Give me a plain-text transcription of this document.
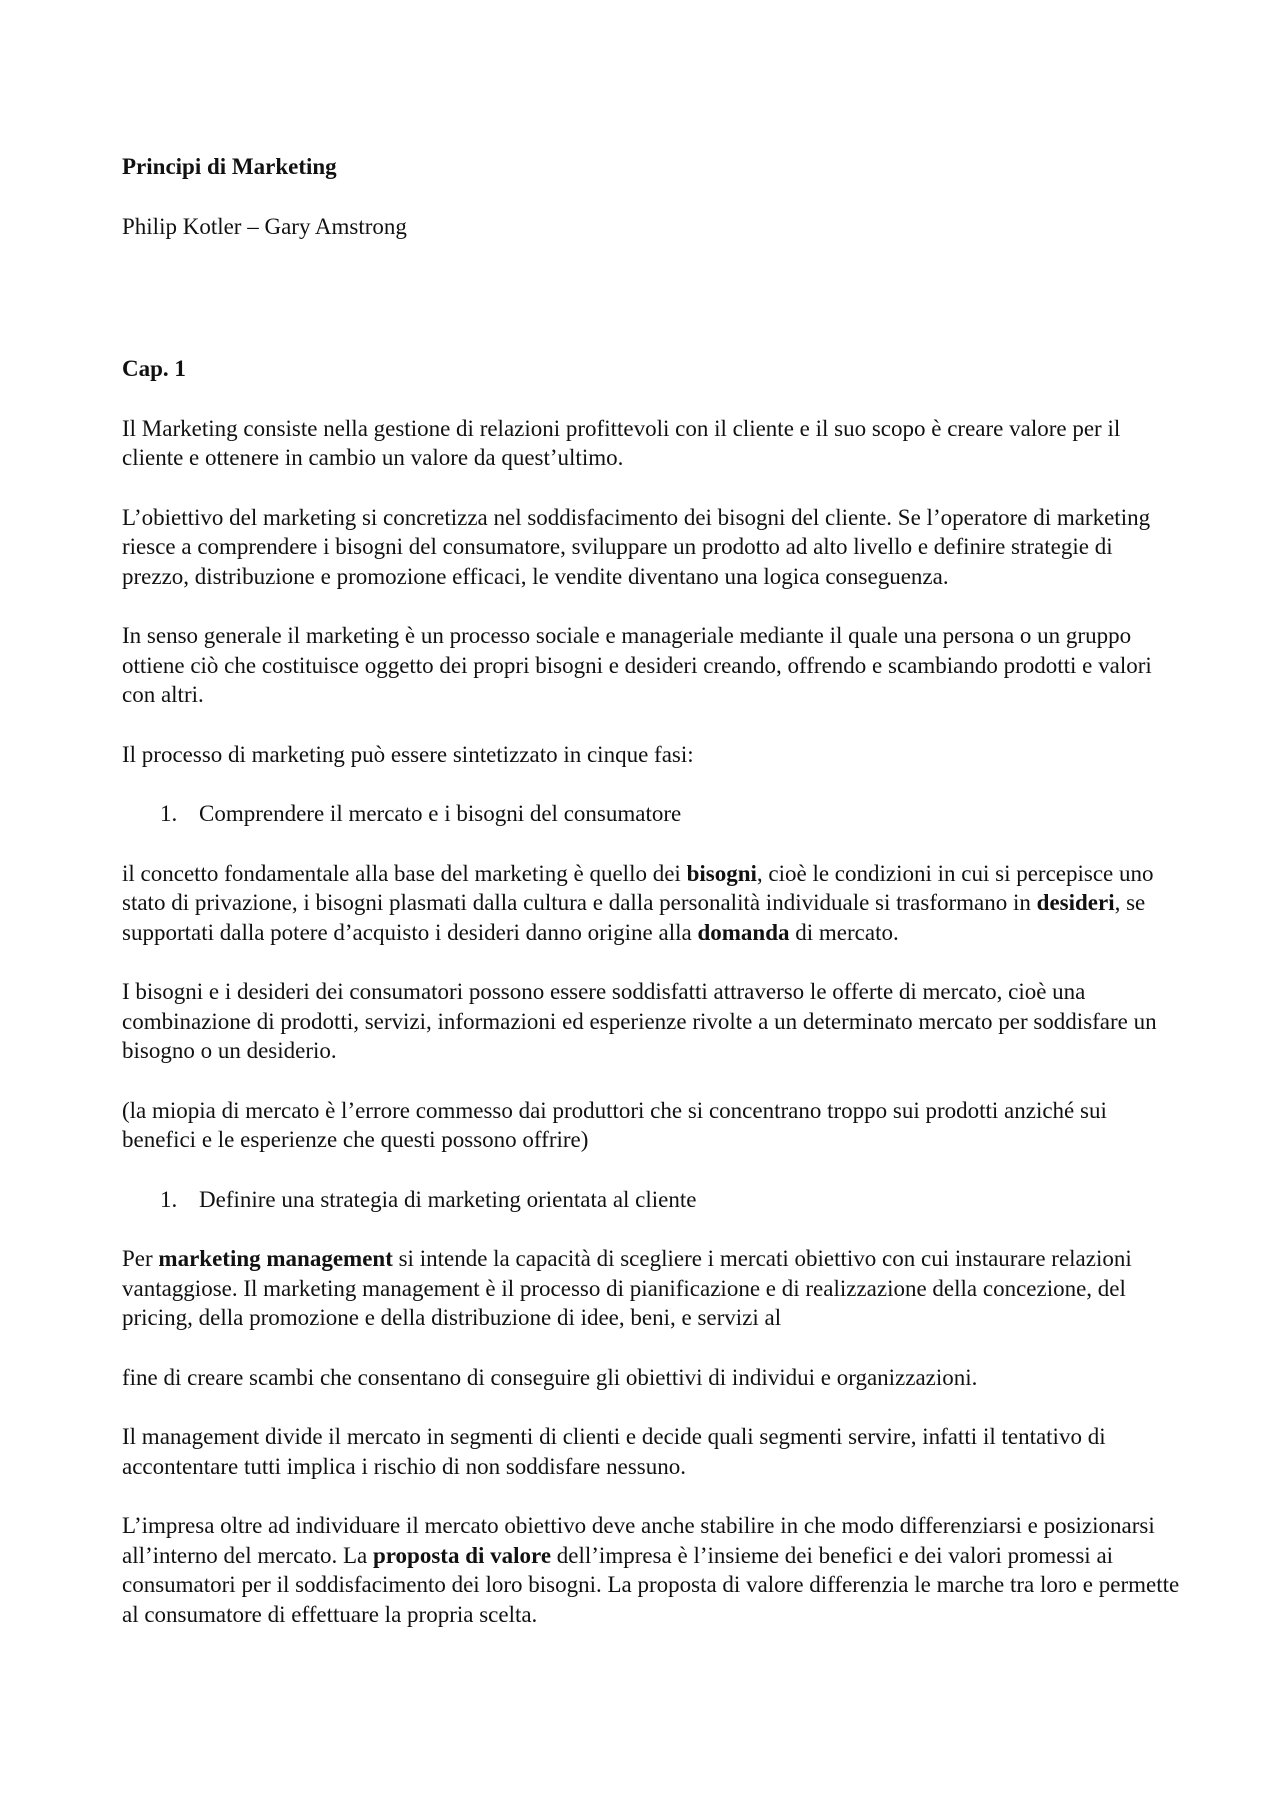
Principi di Marketing
Philip Kotler – Gary Amstrong
Cap. 1

Il Marketing consiste nella gestione di relazioni profittevoli con il cliente e il suo scopo è creare valore per il cliente e ottenere in cambio un valore da quest’ultimo.

L’obiettivo del marketing si concretizza nel soddisfacimento dei bisogni del cliente. Se l’operatore di marketing riesce a comprendere i bisogni del consumatore, sviluppare un prodotto ad alto livello e definire strategie di prezzo, distribuzione e promozione efficaci, le vendite diventano una logica conseguenza.

In senso generale il marketing è un processo sociale e manageriale mediante il quale una persona o un gruppo ottiene ciò che costituisce oggetto dei propri bisogni e desideri creando, offrendo e scambiando prodotti e valori con altri.

Il processo di marketing può essere sintetizzato in cinque fasi:

1. Comprendere il mercato e i bisogni del consumatore

il concetto fondamentale alla base del marketing è quello dei bisogni, cioè le condizioni in cui si percepisce uno stato di privazione, i bisogni plasmati dalla cultura e dalla personalità individuale si trasformano in desideri, se supportati dalla potere d’acquisto i desideri danno origine alla domanda di mercato.

I bisogni e i desideri dei consumatori possono essere soddisfatti attraverso le offerte di mercato, cioè una combinazione di prodotti, servizi, informazioni ed esperienze rivolte a un determinato mercato per soddisfare un bisogno o un desiderio.

(la miopia di mercato è l’errore commesso dai produttori che si concentrano troppo sui prodotti anziché sui benefici e le esperienze che questi possono offrire)

1. Definire una strategia di marketing orientata al cliente

Per marketing management si intende la capacità di scegliere i mercati obiettivo con cui instaurare relazioni vantaggiose. Il marketing management è il processo di pianificazione e di realizzazione della concezione, del pricing, della promozione e della distribuzione di idee, beni, e servizi al

fine di creare scambi che consentano di conseguire gli obiettivi di individui e organizzazioni.

Il management divide il mercato in segmenti di clienti e decide quali segmenti servire, infatti il tentativo di accontentare tutti implica i rischio di non soddisfare nessuno.

L’impresa oltre ad individuare il mercato obiettivo deve anche stabilire in che modo differenziarsi e posizionarsi all’interno del mercato. La proposta di valore dell’impresa è l’insieme dei benefici e dei valori promessi ai consumatori per il soddisfacimento dei loro bisogni. La proposta di valore differenzia le marche tra loro e permette al consumatore di effettuare la propria scelta.
